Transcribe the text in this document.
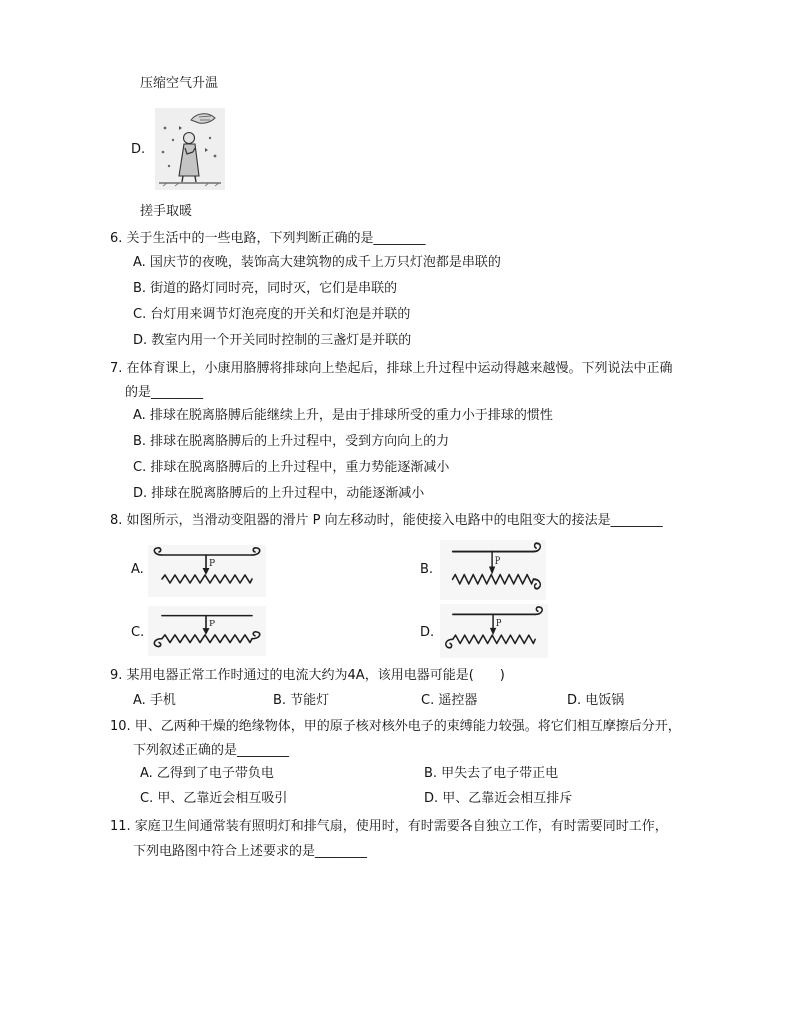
压缩空气升温
D.
搓手取暖
6. 关于生活中的一些电路，下列判断正确的是________
A. 国庆节的夜晚，装饰高大建筑物的成千上万只灯泡都是串联的
B. 街道的路灯同时亮，同时灭，它们是串联的
C. 台灯用来调节灯泡亮度的开关和灯泡是并联的
D. 教室内用一个开关同时控制的三盏灯是并联的
7. 在体育课上，小康用胳膊将排球向上垫起后，排球上升过程中运动得越来越慢。下列说法中正确
的是________
A. 排球在脱离胳膊后能继续上升，是由于排球所受的重力小于排球的惯性
B. 排球在脱离胳膊后的上升过程中，受到方向向上的力
C. 排球在脱离胳膊后的上升过程中，重力势能逐渐减小
D. 排球在脱离胳膊后的上升过程中，动能逐渐减小
8. 如图所示，当滑动变阻器的滑片 P 向左移动时，能使接入电路中的电阻变大的接法是________
A.	P	B.
P
C.
P
D.
P
9. 某用电器正常工作时通过的电流大约为4A，该用电器可能是(　　)
A. 手机	B. 节能灯	C. 遥控器	D. 电饭锅
10. 甲、乙两种干燥的绝缘物体，甲的原子核对核外电子的束缚能力较强。将它们相互摩擦后分开，
下列叙述正确的是________
A. 乙得到了电子带负电	B. 甲失去了电子带正电
C. 甲、乙靠近会相互吸引	D. 甲、乙靠近会相互排斥
11. 家庭卫生间通常装有照明灯和排气扇，使用时，有时需要各自独立工作，有时需要同时工作，
下列电路图中符合上述要求的是________
